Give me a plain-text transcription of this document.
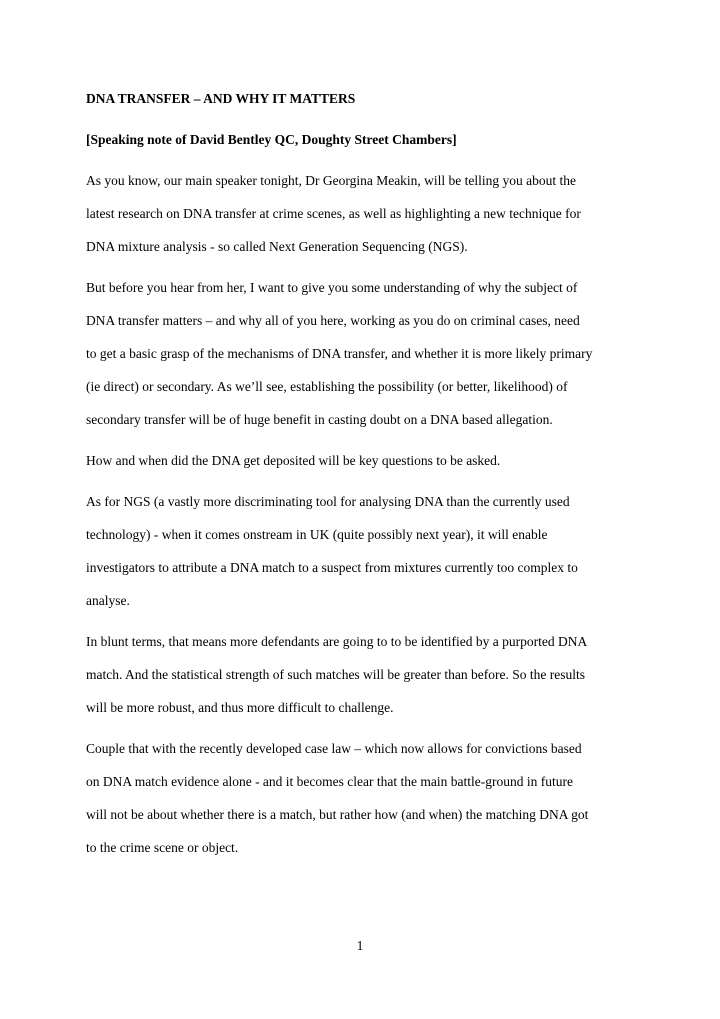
DNA TRANSFER – AND WHY IT MATTERS
[Speaking note of David Bentley QC, Doughty Street Chambers]
As you know, our main speaker tonight, Dr Georgina Meakin, will be telling you about the
latest research on DNA transfer at crime scenes, as well as highlighting a new technique for
DNA mixture analysis - so called Next Generation Sequencing (NGS).
But before you hear from her, I want to give you some understanding of why the subject of
DNA transfer matters – and why all of you here, working as you do on criminal cases, need
to get a basic grasp of the mechanisms of DNA transfer, and whether it is more likely primary
(ie direct) or secondary. As we’ll see, establishing the possibility (or better, likelihood) of
secondary transfer will be of huge benefit in casting doubt on a DNA based allegation.
How and when did the DNA get deposited will be key questions to be asked.
As for NGS (a vastly more discriminating tool for analysing DNA than the currently used
technology) - when it comes onstream in UK (quite possibly next year), it will enable
investigators to attribute a DNA match to a suspect from mixtures currently too complex to
analyse.
In blunt terms, that means more defendants are going to to be identified by a purported DNA
match. And the statistical strength of such matches will be greater than before. So the results
will be more robust, and thus more difficult to challenge.
Couple that with the recently developed case law – which now allows for convictions based
on DNA match evidence alone - and it becomes clear that the main battle-ground in future
will not be about whether there is a match, but rather how (and when) the matching DNA got
to the crime scene or object.
1
